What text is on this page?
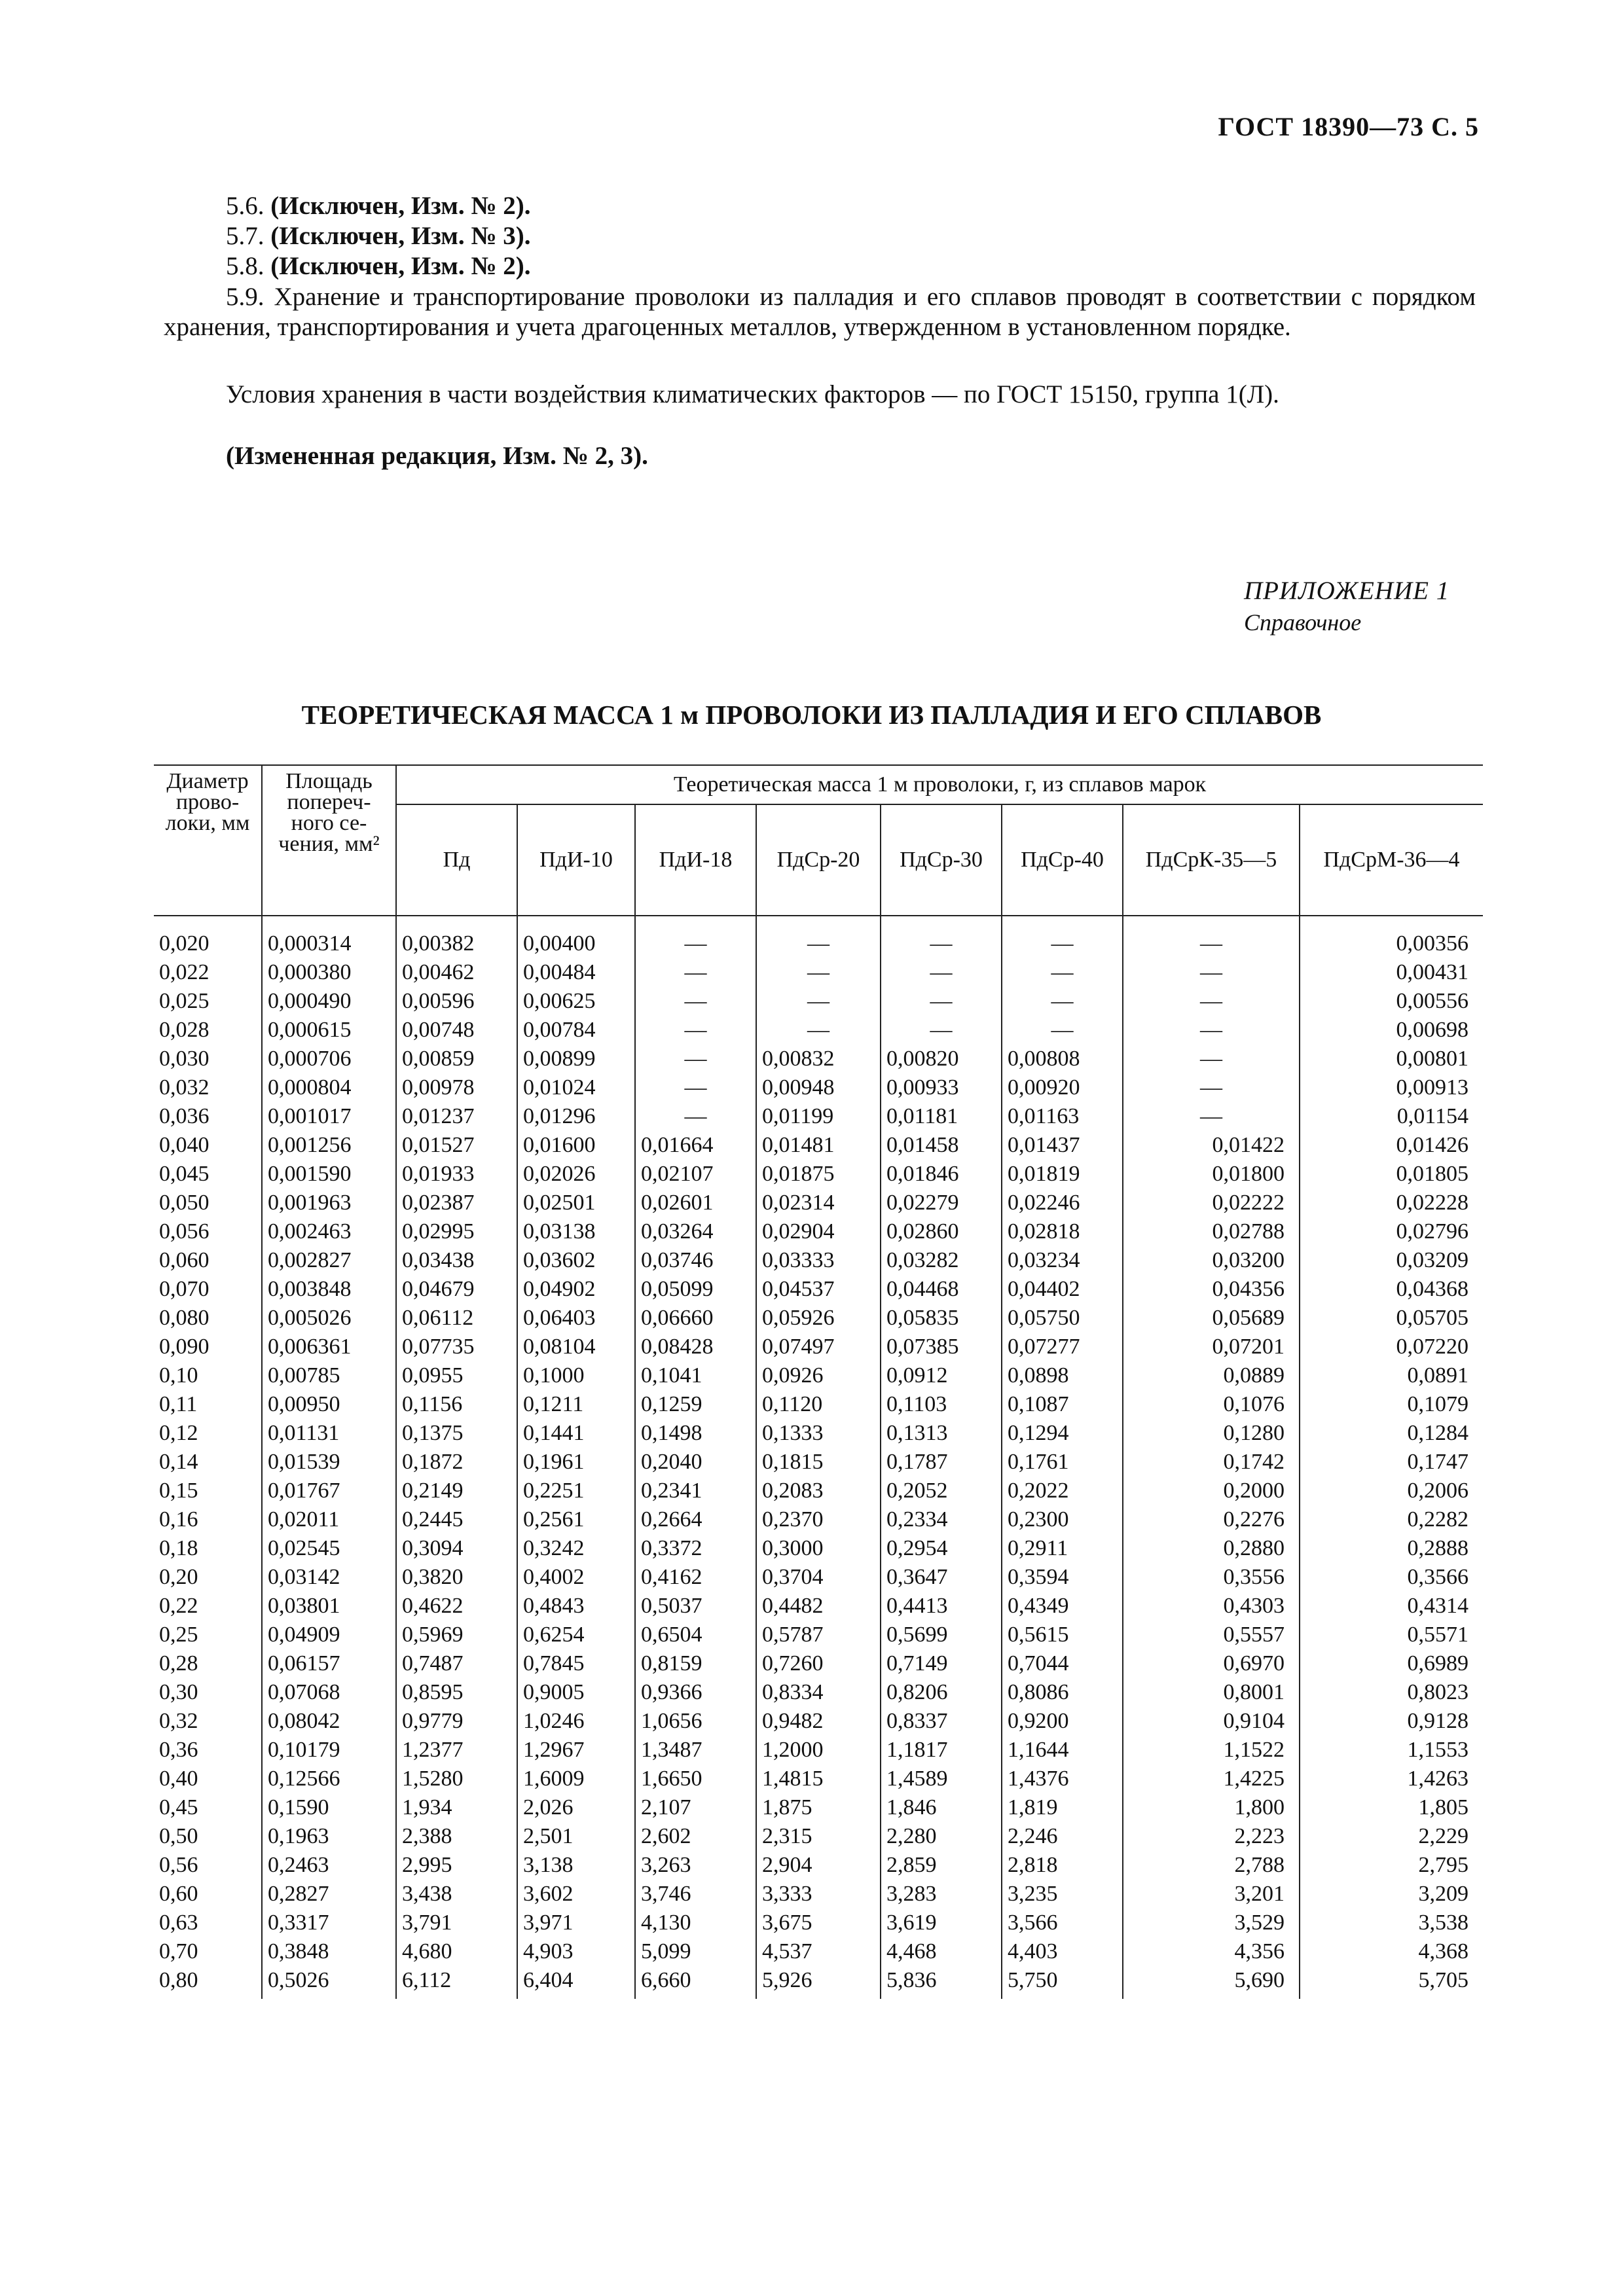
ГОСТ 18390—73 С. 5
5.6. (Исключен, Изм. № 2).
5.7. (Исключен, Изм. № 3).
5.8. (Исключен, Изм. № 2).
5.9. Хранение и транспортирование проволоки из палладия и его сплавов проводят в соответствии с порядком хранения, транспортирования и учета драгоценных металлов, утвержденном в установленном порядке.
Условия хранения в части воздействия климатических факторов — по ГОСТ 15150, группа 1(Л).
(Измененная редакция, Изм. № 2, 3).
ПРИЛОЖЕНИЕ 1
Справочное
ТЕОРЕТИЧЕСКАЯ МАССА 1 м ПРОВОЛОКИ ИЗ ПАЛЛАДИЯ И ЕГО СПЛАВОВ
Диаметр прово-локи, мм	Площадь попереч-ного се-чения, мм²	Теоретическая масса 1 м проволоки, г, из сплавов марок							
		Пд	ПдИ-10	ПдИ-18	ПдСр-20	ПдСр-30	ПдСр-40	ПдСрК-35—5	ПдСрМ-36—4
0,020	0,000314	0,00382	0,00400	—	—	—	—	—	0,00356
0,022	0,000380	0,00462	0,00484	—	—	—	—	—	0,00431
0,025	0,000490	0,00596	0,00625	—	—	—	—	—	0,00556
0,028	0,000615	0,00748	0,00784	—	—	—	—	—	0,00698
0,030	0,000706	0,00859	0,00899	—	0,00832	0,00820	0,00808	—	0,00801
0,032	0,000804	0,00978	0,01024	—	0,00948	0,00933	0,00920	—	0,00913
0,036	0,001017	0,01237	0,01296	—	0,01199	0,01181	0,01163	—	0,01154
0,040	0,001256	0,01527	0,01600	0,01664	0,01481	0,01458	0,01437	0,01422	0,01426
0,045	0,001590	0,01933	0,02026	0,02107	0,01875	0,01846	0,01819	0,01800	0,01805
0,050	0,001963	0,02387	0,02501	0,02601	0,02314	0,02279	0,02246	0,02222	0,02228
0,056	0,002463	0,02995	0,03138	0,03264	0,02904	0,02860	0,02818	0,02788	0,02796
0,060	0,002827	0,03438	0,03602	0,03746	0,03333	0,03282	0,03234	0,03200	0,03209
0,070	0,003848	0,04679	0,04902	0,05099	0,04537	0,04468	0,04402	0,04356	0,04368
0,080	0,005026	0,06112	0,06403	0,06660	0,05926	0,05835	0,05750	0,05689	0,05705
0,090	0,006361	0,07735	0,08104	0,08428	0,07497	0,07385	0,07277	0,07201	0,07220
0,10	0,00785	0,0955	0,1000	0,1041	0,0926	0,0912	0,0898	0,0889	0,0891
0,11	0,00950	0,1156	0,1211	0,1259	0,1120	0,1103	0,1087	0,1076	0,1079
0,12	0,01131	0,1375	0,1441	0,1498	0,1333	0,1313	0,1294	0,1280	0,1284
0,14	0,01539	0,1872	0,1961	0,2040	0,1815	0,1787	0,1761	0,1742	0,1747
0,15	0,01767	0,2149	0,2251	0,2341	0,2083	0,2052	0,2022	0,2000	0,2006
0,16	0,02011	0,2445	0,2561	0,2664	0,2370	0,2334	0,2300	0,2276	0,2282
0,18	0,02545	0,3094	0,3242	0,3372	0,3000	0,2954	0,2911	0,2880	0,2888
0,20	0,03142	0,3820	0,4002	0,4162	0,3704	0,3647	0,3594	0,3556	0,3566
0,22	0,03801	0,4622	0,4843	0,5037	0,4482	0,4413	0,4349	0,4303	0,4314
0,25	0,04909	0,5969	0,6254	0,6504	0,5787	0,5699	0,5615	0,5557	0,5571
0,28	0,06157	0,7487	0,7845	0,8159	0,7260	0,7149	0,7044	0,6970	0,6989
0,30	0,07068	0,8595	0,9005	0,9366	0,8334	0,8206	0,8086	0,8001	0,8023
0,32	0,08042	0,9779	1,0246	1,0656	0,9482	0,8337	0,9200	0,9104	0,9128
0,36	0,10179	1,2377	1,2967	1,3487	1,2000	1,1817	1,1644	1,1522	1,1553
0,40	0,12566	1,5280	1,6009	1,6650	1,4815	1,4589	1,4376	1,4225	1,4263
0,45	0,1590	1,934	2,026	2,107	1,875	1,846	1,819	1,800	1,805
0,50	0,1963	2,388	2,501	2,602	2,315	2,280	2,246	2,223	2,229
0,56	0,2463	2,995	3,138	3,263	2,904	2,859	2,818	2,788	2,795
0,60	0,2827	3,438	3,602	3,746	3,333	3,283	3,235	3,201	3,209
0,63	0,3317	3,791	3,971	4,130	3,675	3,619	3,566	3,529	3,538
0,70	0,3848	4,680	4,903	5,099	4,537	4,468	4,403	4,356	4,368
0,80	0,5026	6,112	6,404	6,660	5,926	5,836	5,750	5,690	5,705
